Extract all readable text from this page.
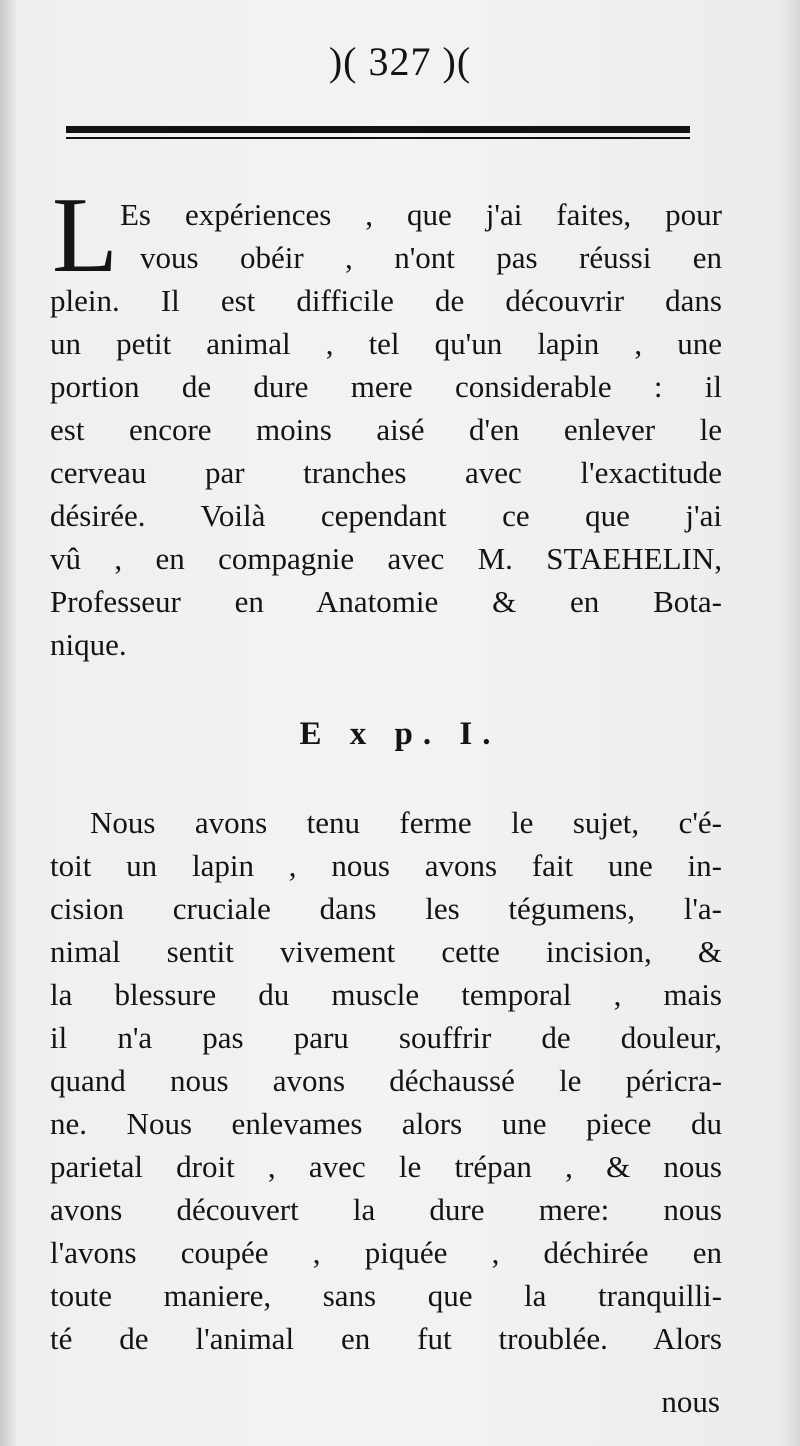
)( 327 )(
L Es expériences , que j'ai faites, pour
vous obéir , n'ont pas réussi en
plein. Il est difficile de découvrir dans
un petit animal , tel qu'un lapin , une
portion de dure mere considerable : il
est encore moins aisé d'en enlever le
cerveau par tranches avec l'exactitude
désirée. Voilà cependant ce que j'ai
vû , en compagnie avec M. STAEHELIN,
Professeur en Anatomie & en Bota-
nique.
E x p. I.
Nous avons tenu ferme le sujet, c'é-
toit un lapin , nous avons fait une in-
cision cruciale dans les tégumens, l'a-
nimal sentit vivement cette incision, &
la blessure du muscle temporal , mais
il n'a pas paru souffrir de douleur,
quand nous avons déchaussé le péricra-
ne. Nous enlevames alors une piece du
parietal droit , avec le trépan , & nous
avons découvert la dure mere: nous
l'avons coupée , piquée , déchirée en
toute maniere, sans que la tranquilli-
té de l'animal en fut troublée. Alors
nous
